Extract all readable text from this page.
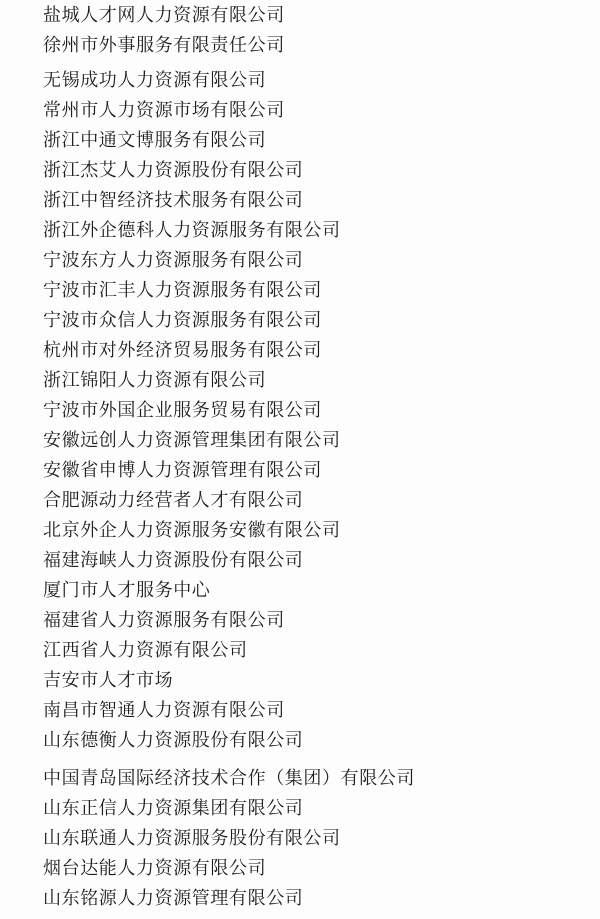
盐城人才网人力资源有限公司
徐州市外事服务有限责任公司
无锡成功人力资源有限公司
常州市人力资源市场有限公司
浙江中通文博服务有限公司
浙江杰艾人力资源股份有限公司
浙江中智经济技术服务有限公司
浙江外企德科人力资源服务有限公司
宁波东方人力资源服务有限公司
宁波市汇丰人力资源服务有限公司
宁波市众信人力资源服务有限公司
杭州市对外经济贸易服务有限公司
浙江锦阳人力资源有限公司
宁波市外国企业服务贸易有限公司
安徽远创人力资源管理集团有限公司
安徽省申博人力资源管理有限公司
合肥源动力经营者人才有限公司
北京外企人力资源服务安徽有限公司
福建海峡人力资源股份有限公司
厦门市人才服务中心
福建省人力资源服务有限公司
江西省人力资源有限公司
吉安市人才市场
南昌市智通人力资源有限公司
山东德衡人力资源股份有限公司
中国青岛国际经济技术合作（集团）有限公司
山东正信人力资源集团有限公司
山东联通人力资源服务股份有限公司
烟台达能人力资源有限公司
山东铭源人力资源管理有限公司
